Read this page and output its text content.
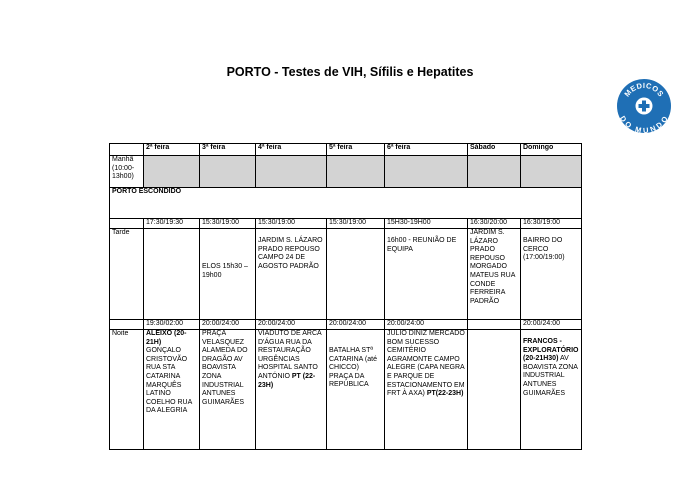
PORTO - Testes de VIH, Sífilis e Hepatites
MEDICOS
DO MUNDO
	2ª feira	3ª feira	4ª feira	5ª feira	6ª feira	Sábado	Domingo
Manhã (10:00-13h00)							
PORTO ESCONDIDO							
	17:30/19:30	15:30/19:00	15:30/19:00	15:30/19:00	15H30-19H00	16:30/20:00	16:30/19:00
Tarde		ELOS 15h30 – 19h00	JARDIM S. LÁZARO PRADO REPOUSO CAMPO 24 DE AGOSTO PADRÃO		16h00 - REUNIÃO DE EQUIPA	JARDIM S. LÁZARO PRADO REPOUSO MORGADO MATEUS RUA CONDE FERREIRA PADRÃO	BAIRRO DO CERCO (17:00/19:00)
	19:30/02:00	20:00/24:00	20:00/24:00	20:00/24:00	20:00/24:00		20:00/24:00
Noite	ALEIXO (20-21H) GONÇALO CRISTOVÃO RUA STA CATARINA MARQUÊS LATINO COELHO RUA DA ALEGRIA	PRAÇA VELASQUEZ ALAMEDA DO DRAGÃO AV BOAVISTA ZONA INDUSTRIAL ANTUNES GUIMARÃES	VIADUTO DE ARCA D'ÁGUA RUA DA RESTAURAÇÃO URGÊNCIAS HOSPITAL SANTO ANTÓNIO PT (22-23H)	BATALHA STª CATARINA (até CHICCO) PRAÇA DA REPÚBLICA	JÚLIO DINIZ MERCADO BOM SUCESSO CEMITÉRIO AGRAMONTE CAMPO ALEGRE (CAPA NEGRA E PARQUE DE ESTACIONAMENTO EM FRT À AXA) PT(22-23H)		FRANCOS - EXPLORATÓRIO (20-21H30) AV BOAVISTA ZONA INDUSTRIAL ANTUNES GUIMARÃES
